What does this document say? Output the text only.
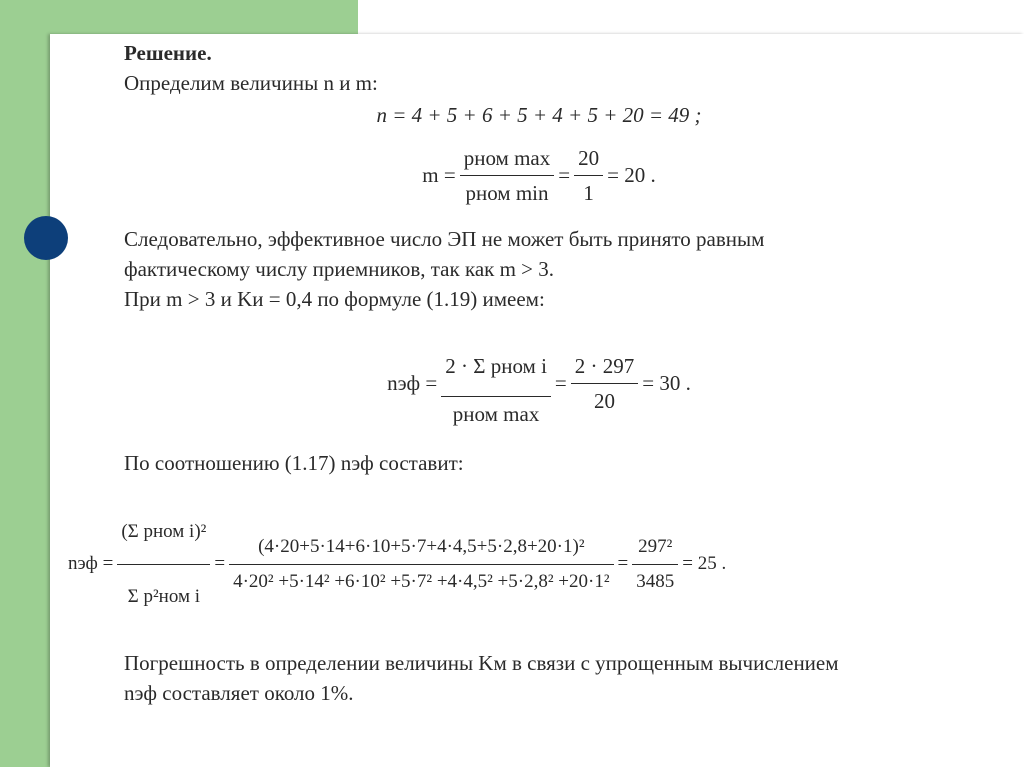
Решение.

Определим величины n и m:

n = 4 + 5 + 6 + 5 + 4 + 5 + 20 = 49 ;

$m = \frac{\text{pном max}}{\text{pном min}} = \frac{20}{1} = 20$ .

Следовательно, эффективное число ЭП не может быть принято равным

фактическому числу приемников, так как m > 3.

При m > 3 и Kи = 0,4 по формуле (1.19) имеем:

nэф = $\frac{\text{2 · Σ pном i}}{\text{pном max}} = \frac{2 \cdot 297}{20} = 30$ .

По соотношению (1.17) nэф составит:

nэф = $\frac{\text{(Σ pном i)²}}{\text{Σ p²ном i}} = \frac{\text{(4·20+5·14+6·10+5·7+4·4,5+5·2,8+20·1)²}}{\text{4·20² +5·14² +6·10² +5·7² +4·4,5² +5·2,8² +20·1²}} = \frac{\text{297²}}{3485} = 25$ .

Погрешность в определении величины Kм в связи с упрощенным вычислением

nэф составляет около 1%.
